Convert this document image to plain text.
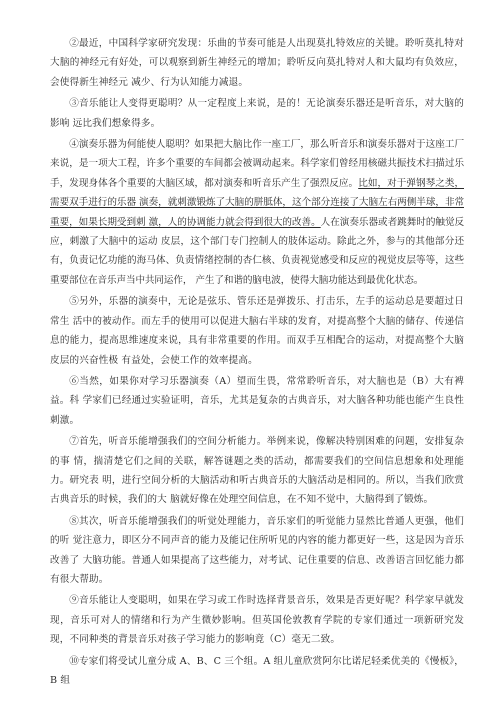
②最近，中国科学家研究发现：乐曲的节奏可能是人出现莫扎特效应的关键。聆听莫扎特对大脑的神经元有好处，可以观察到新生神经元的增加；聆听反向莫扎特对人和大鼠均有负效应，会使得新生神经元 减少、行为认知能力减退。

③音乐能让人变得更聪明？从一定程度上来说，是的！无论演奏乐器还是听音乐，对大脑的影响 远比我们想象得多。

④演奏乐器为何能使人聪明？如果把大脑比作一座工厂，那么听音乐和演奏乐器对于这座工厂来说，是一项大工程，许多个重要的车间都会被调动起来。科学家们曾经用核磁共振技术扫描过乐手，发现身体各个重要的大脑区域，都对演奏和听音乐产生了强烈反应。比如，对于弹钢琴之类，需要双手进行的乐器 演奏，就刺激锻炼了大脑的胼胝体，这个部分连接了大脑左右两侧半球，非常重要，如果长期受到刺 激，人的协调能力就会得到很大的改善。人在演奏乐器或者跳舞时的触觉反应，刺激了大脑中的运动 皮层，这个部门专门控制人的肢体运动。除此之外，参与的其他部分还有，负责记忆功能的海马体、负责情绪控制的杏仁核、负责视觉感受和反应的视觉皮层等等，这些重要部位在音乐声当中共同运作， 产生了和谐的脑电波，使得大脑功能达到最优化状态。

⑤另外，乐器的演奏中，无论是弦乐、管乐还是弹拨乐、打击乐，左手的运动总是要超过日常生 活中的被动作。而左手的使用可以促进大脑右半球的发育，对提高整个大脑的储存、传递信息的能力，提高思维速度来说，具有非常重要的作用。而双手互相配合的运动，对提高整个大脑皮层的兴奋性极 有益处，会使工作的效率提高。

⑥当然，如果你对学习乐器演奏（A）望而生畏，常常聆听音乐，对大脑也是（B）大有裨益。科 学家们已经通过实验证明，音乐，尤其是复杂的古典音乐，对大脑各种功能也能产生良性刺激。

⑦首先，听音乐能增强我们的空间分析能力。举例来说，像解决特别困难的问题，安排复杂的事 情，揣清楚它们之间的关联，解答谜题之类的活动，都需要我们的空间信息想象和处理能力。研究表 明，进行空间分析的大脑活动和听古典音乐的大脑活动是相同的。所以，当我们欣赏古典音乐的时候，我们的大 脑就好像在处理空间信息，在不知不觉中，大脑得到了锻炼。

⑧其次，听音乐能增强我们的听觉处理能力，音乐家们的听觉能力显然比普通人更强，他们的听 觉注意力，即区分不同声音的能力及能记住所听见的内容的能力都更好一些，这是因为音乐改善了 大脑功能。普通人如果提高了这些能力，对考试、记住重要的信息、改善语言回忆能力都有很大帮助。

⑨音乐能让人变聪明，如果在学习或工作时选择背景音乐，效果是否更好呢？科学家早就发现，音乐可对人的情绪和行为产生微妙影响。但英国伦敦教育学院的专家们通过一项新研究发现，不同种类的背景音乐对孩子学习能力的影响竟（C）毫无二致。

⑩专家们将受试儿童分成 A、B、C 三个组。A 组儿童欣赏阿尔比诺尼轻柔优美的《慢板》，B 组
